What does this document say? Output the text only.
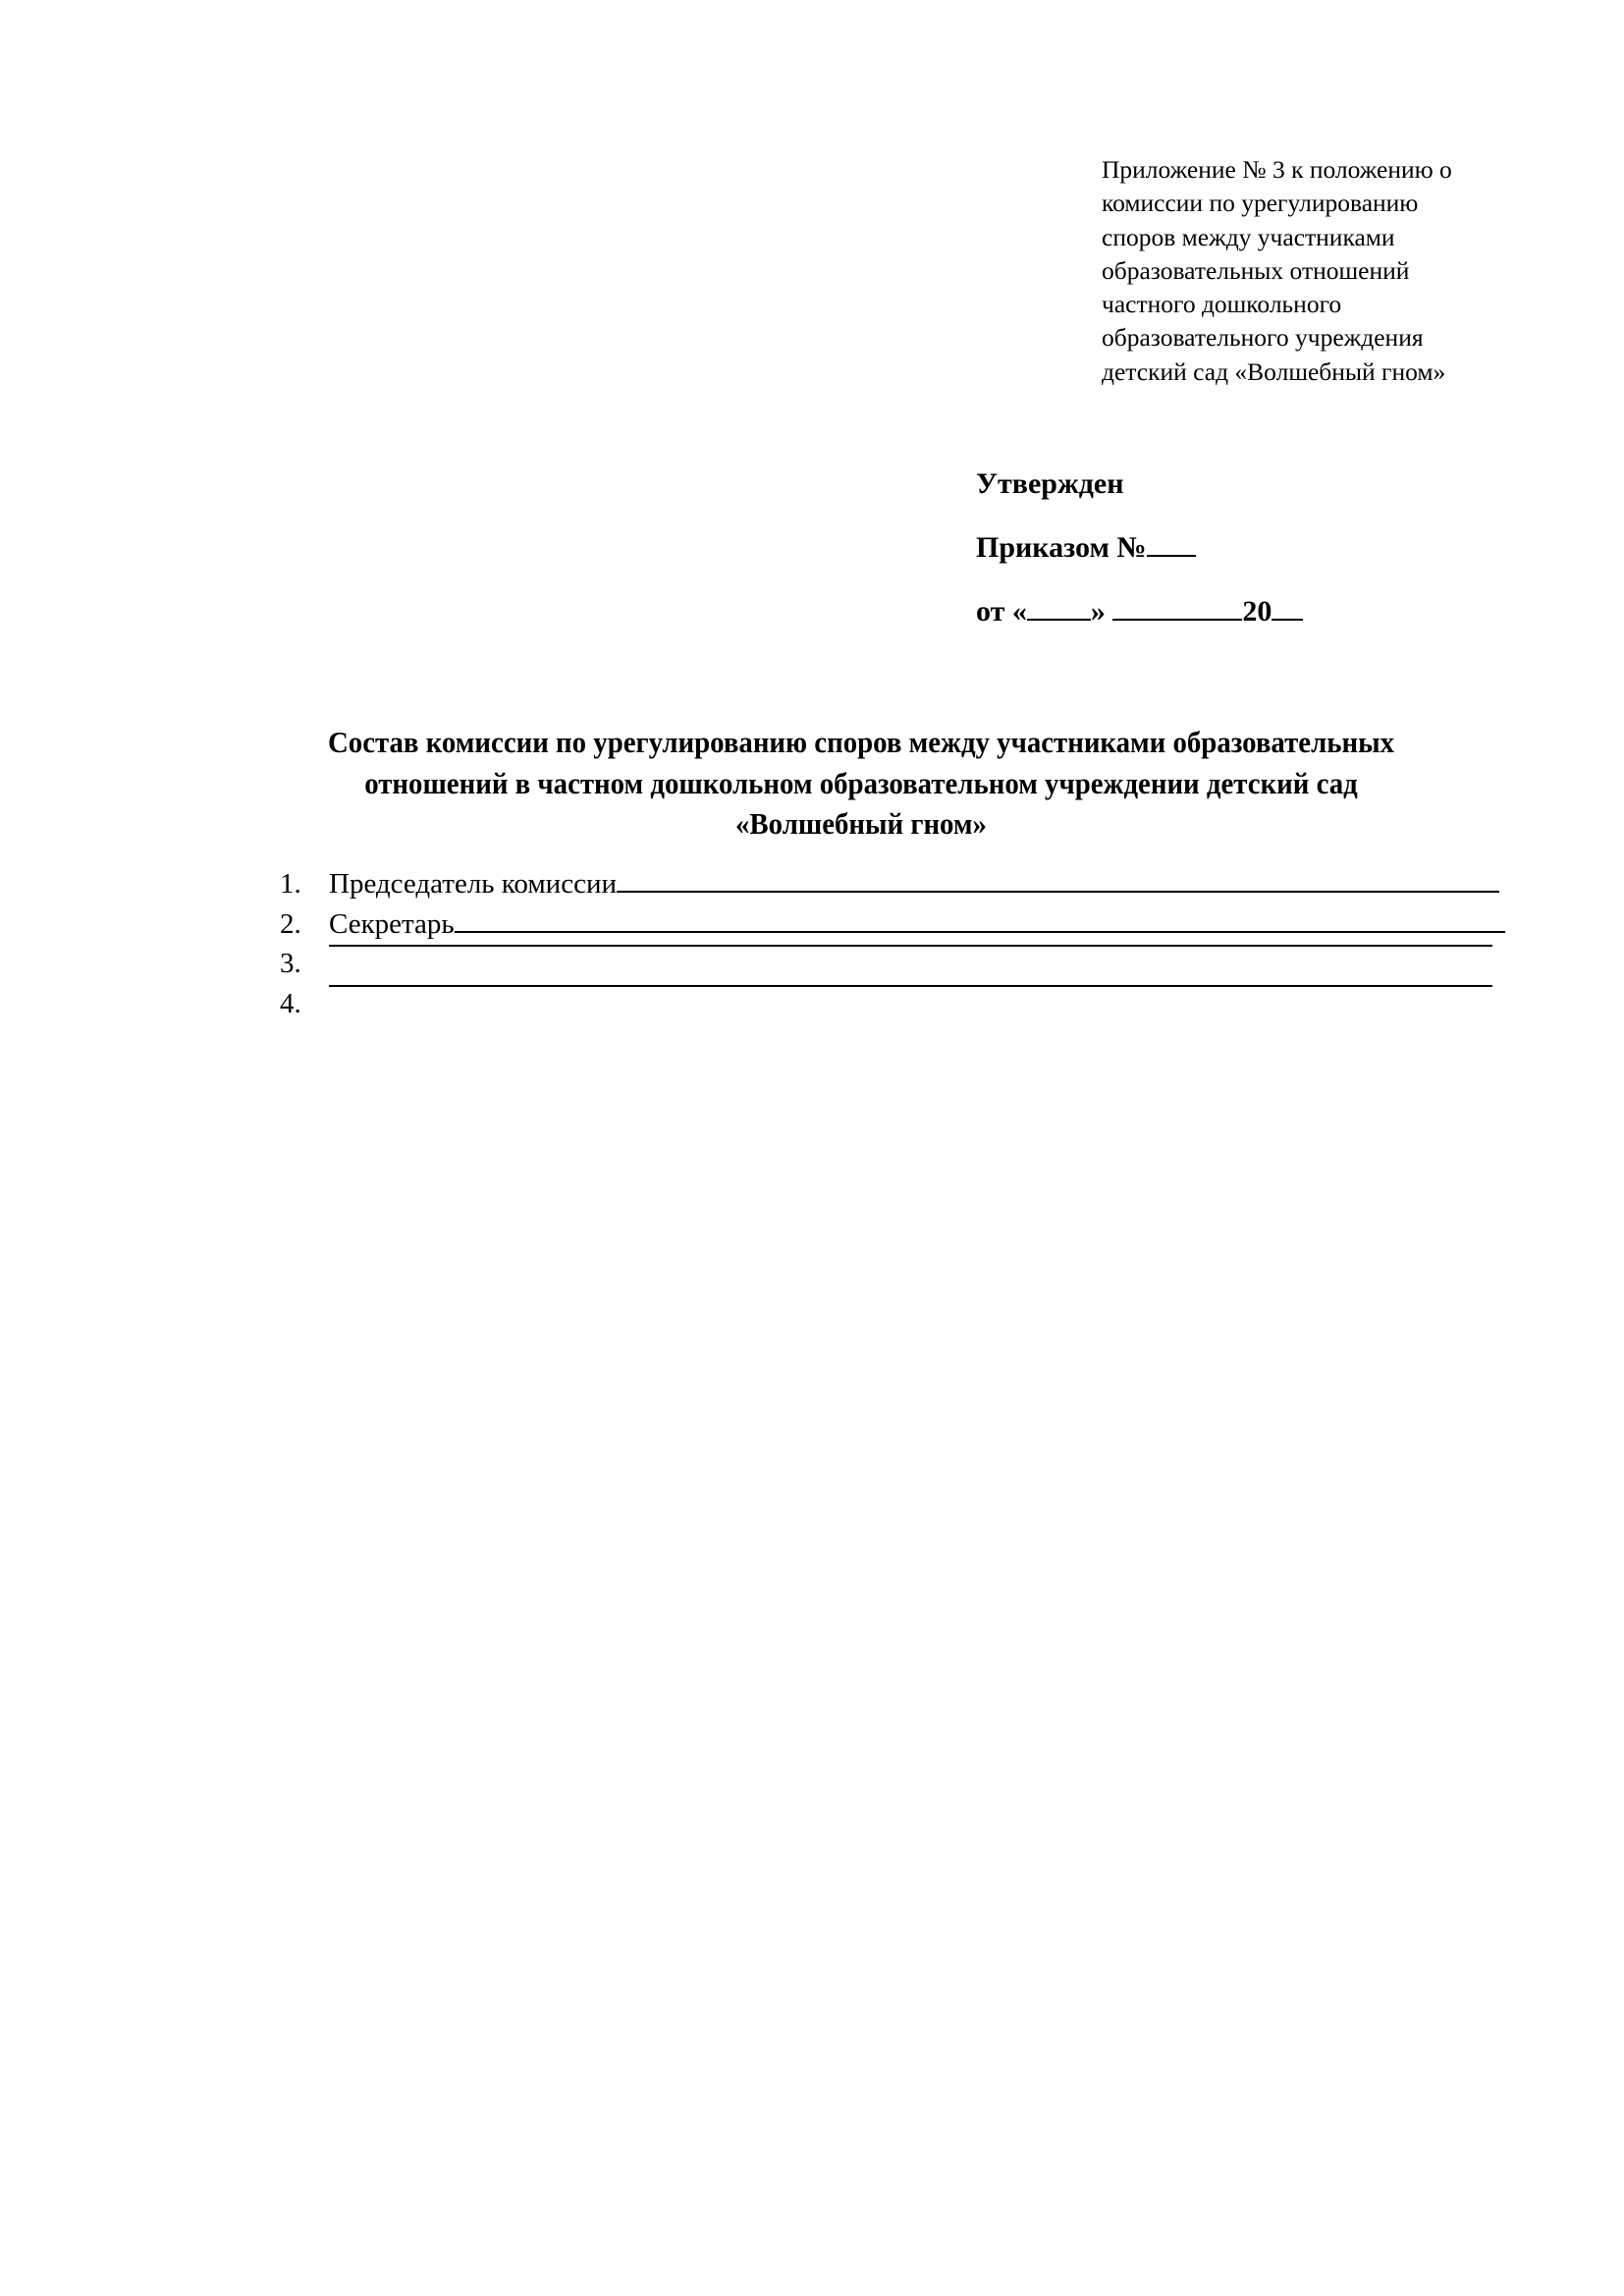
Приложение № 3 к положению о
комиссии по урегулированию
споров между участниками
образовательных отношений
частного дошкольного
образовательного учреждения
детский сад «Волшебный гном»
Утвержден
Приказом №
от « »	20
Состав комиссии по урегулированию споров между участниками образовательных
отношений в частном дошкольном образовательном учреждении детский сад
«Волшебный гном»
1. Председатель комиссии
2. Секретарь
3.
4.
